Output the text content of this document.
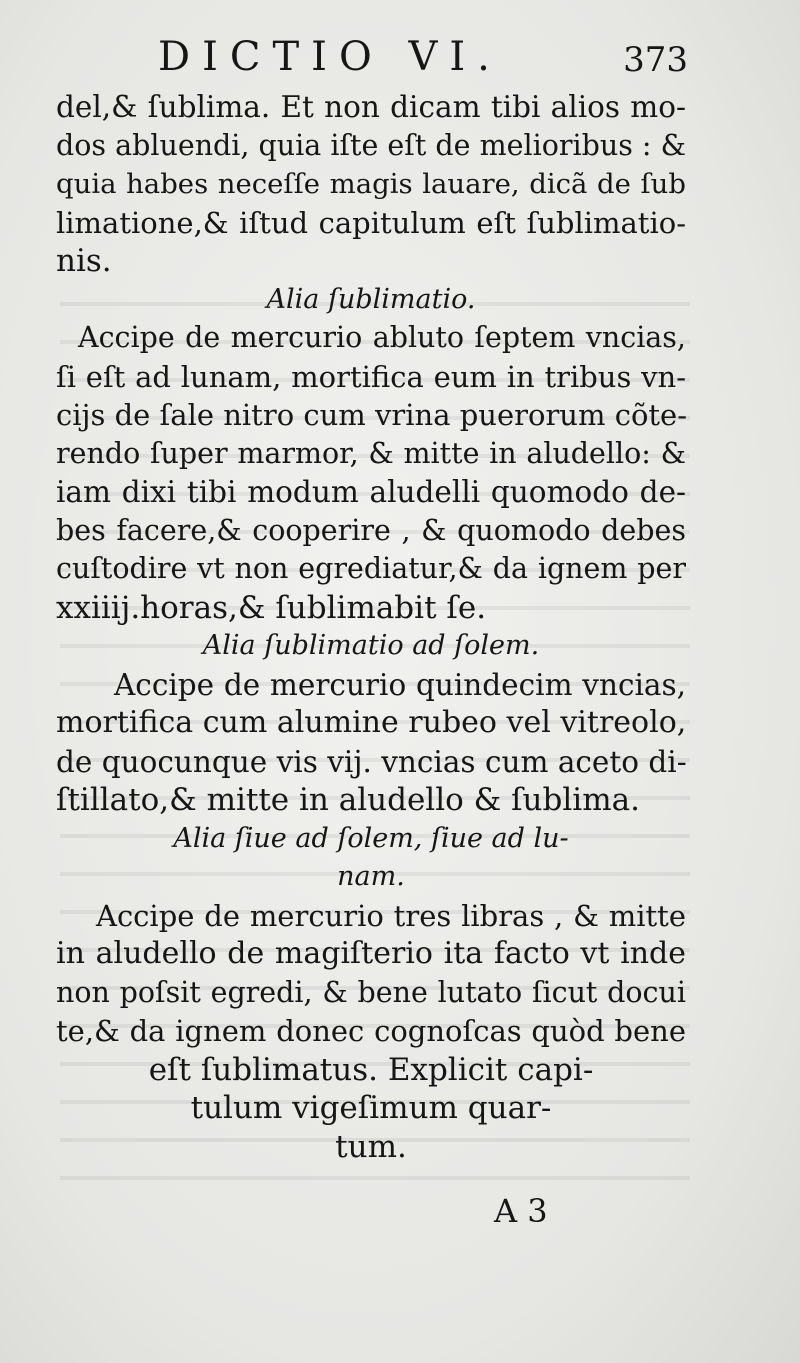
DICTIO VI.	373
del,& ſublima. Et non dicam tibi alios mo-
dos abluendi, quia iſte eſt de melioribus : &
quia habes neceſſe magis lauare, dicã de ſub
limatione,& iſtud capitulum eſt ſublimatio-
nis.
Alia ſublimatio.
Accipe de mercurio abluto ſeptem vncias,
ſi eſt ad lunam, mortifica eum in tribus vn-
cijs de ſale nitro cum vrina puerorum cõte-
rendo ſuper marmor, & mitte in aludello: &
iam dixi tibi modum aludelli quomodo de-
bes facere,& cooperire , & quomodo debes
cuſtodire vt non egrediatur,& da ignem per
xxiiij.horas,& ſublimabit ſe.
Alia ſublimatio ad ſolem.
Accipe de mercurio quindecim vncias,
mortifica cum alumine rubeo vel vitreolo,
de quocunque vis vij. vncias cum aceto di-
ſtillato,& mitte in aludello & ſublima.
Alia ſiue ad ſolem, ſiue ad lu-
nam.
Accipe de mercurio tres libras , & mitte
in aludello de magiſterio ita facto vt inde
non poſsit egredi, & bene lutato ſicut docui
te,& da ignem donec cognoſcas quòd bene
eſt ſublimatus. Explicit capi-
tulum vigeſimum quar-
tum.
A 3
